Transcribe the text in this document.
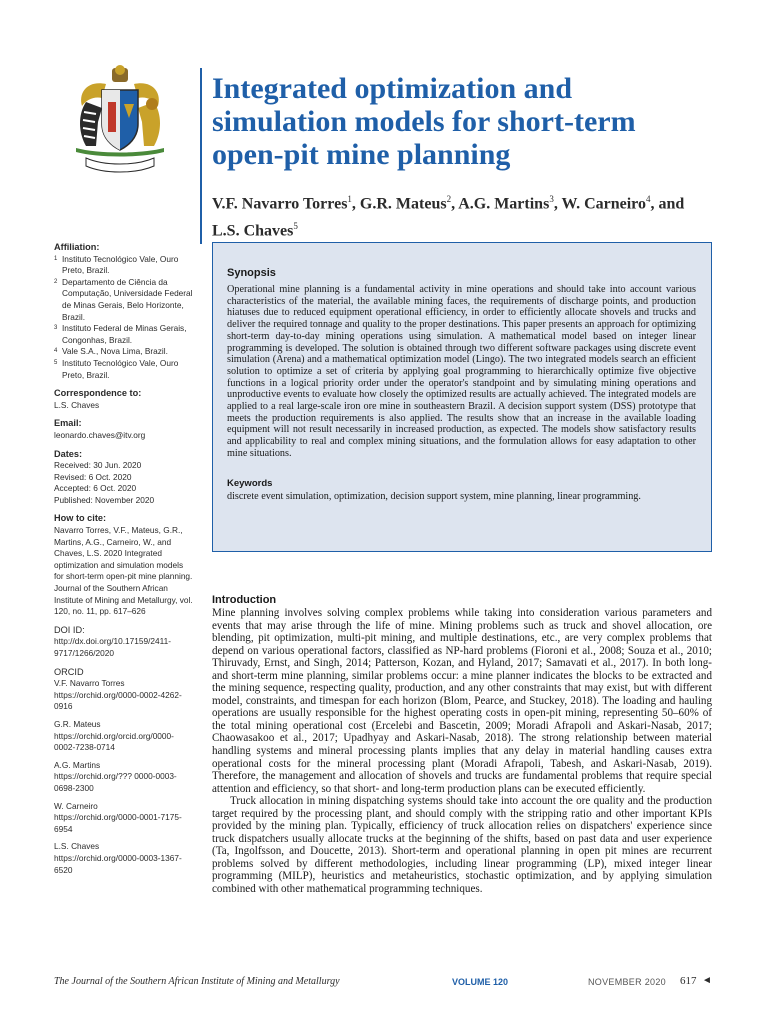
Integrated optimization and simulation models for short-term open-pit mine planning

V.F. Navarro Torres$^1$, G.R. Mateus$^2$, A.G. Martins$^3$, W. Carneiro$^4$, and L.S. Chaves$^5$

Affiliation:
1 Instituto Tecnológico Vale, Ouro Preto, Brazil.
2 Departamento de Ciência da Computação, Universidade Federal de Minas Gerais, Belo Horizonte, Brazil.
3 Instituto Federal de Minas Gerais, Congonhas, Brazil.
4 Vale S.A., Nova Lima, Brazil.
5 Instituto Tecnológico Vale, Ouro Preto, Brazil.
Correspondence to:
L.S. Chaves
Email:
leonardo.chaves@itv.org
Dates:
Received: 30 Jun. 2020
Revised: 6 Oct. 2020
Accepted: 6 Oct. 2020
Published: November 2020
How to cite:
Navarro Torres, V.F., Mateus, G.R., Martins, A.G., Carneiro, W., and Chaves, L.S. 2020 Integrated optimization and simulation models for short-term open-pit mine planning. Journal of the Southern African Institute of Mining and Metallurgy, vol. 120, no. 11, pp. 617–626
DOI ID:
http://dx.doi.org/10.17159/2411-9717/1266/2020
ORCID
V.F. Navarro Torres
https://orchid.org/0000-0002-4262-0916
G.R. Mateus
https://orchid.org/orcid.org/0000-0002-7238-0714
A.G. Martins
https://orchid.org/??? 0000-0003-0698-2300
W. Carneiro
https://orchid.org/0000-0001-7175-6954
L.S. Chaves
https://orchid.org/0000-0003-1367-6520

Synopsis

Operational mine planning is a fundamental activity in mine operations and should take into account various characteristics of the material, the available mining faces, the requirements of discharge points, and production hiatuses due to reduced equipment operational efficiency, in order to efficiently allocate shovels and trucks and deliver the required tonnage and quality to the proper destinations. This paper presents an approach for optimizing short-term day-to-day mining operations using simulation. A mathematical model based on integer linear programming is developed. The solution is obtained through two different software packages using discrete event simulation (Arena) and a mathematical optimization model (Lingo). The two integrated models search an efficient solution to optimize a set of criteria by applying goal programming to hierarchically optimize five objective functions in a logical priority order under the operator's standpoint and by simulating mining operations and unproductive events to evaluate how closely the optimized results are actually achieved. The integrated models are applied to a real large-scale iron ore mine in southeastern Brazil. A decision support system (DSS) prototype that meets the production requirements is also applied. The results show that an increase in the available loading equipment will not result necessarily in increased production, as expected. The models show satisfactory results and applicability to real and complex mining situations, and the formulation allows for easy adaptation to other mine situations.

Keywords

discrete event simulation, optimization, decision support system, mine planning, linear programming.

Introduction

Mine planning involves solving complex problems while taking into consideration various parameters and events that may arise through the life of mine. Mining problems such as truck and shovel allocation, ore blending, pit optimization, multi-pit mining, and multiple destinations, etc., are very complex problems that depend on various operational factors, classified as NP-hard problems (Fioroni et al., 2008; Souza et al., 2010; Thiruvady, Ernst, and Singh, 2014; Patterson, Kozan, and Hyland, 2017; Samavati et al., 2017). In both long- and short-term mine planning, similar problems occur: a mine planner indicates the blocks to be extracted and the mining sequence, respecting quality, production, and any other constraints that may exist, but with different model, constraints, and timespan for each horizon (Blom, Pearce, and Stuckey, 2018). The loading and hauling operations are usually responsible for the highest operating costs in open-pit mining, representing 50–60% of the total mining operational cost (Ercelebi and Bascetin, 2009; Moradi Afrapoli and Askari-Nasab, 2017; Chaowasakoo et al., 2017; Upadhyay and Askari-Nasab, 2018). The strong relationship between material handling systems and mineral processing plants implies that any delay in material handling causes extra operational costs for the mineral processing plant (Moradi Afrapoli, Tabesh, and Askari-Nasab, 2019). Therefore, the management and allocation of shovels and trucks are fundamental problems that require special attention and efficiency, so that short- and long-term production plans can be executed efficiently.

Truck allocation in mining dispatching systems should take into account the ore quality and the production target required by the processing plant, and should comply with the stripping ratio and other important KPIs provided by the mining plan. Typically, efficiency of truck allocation relies on dispatchers' experience since truck dispatchers usually allocate trucks at the beginning of the shifts, based on past data and user experience (Ta, Ingolfsson, and Doucette, 2013). Short-term and operational planning in open pit mines are recurrent problems solved by different methodologies, including linear programming (LP), mixed integer linear programming (MILP), heuristics and metaheuristics, stochastic optimization, and by applying simulation combined with other mathematical programming techniques.

The Journal of the Southern African Institute of Mining and Metallurgy	VOLUME 120	NOVEMBER 2020 617 ◄
